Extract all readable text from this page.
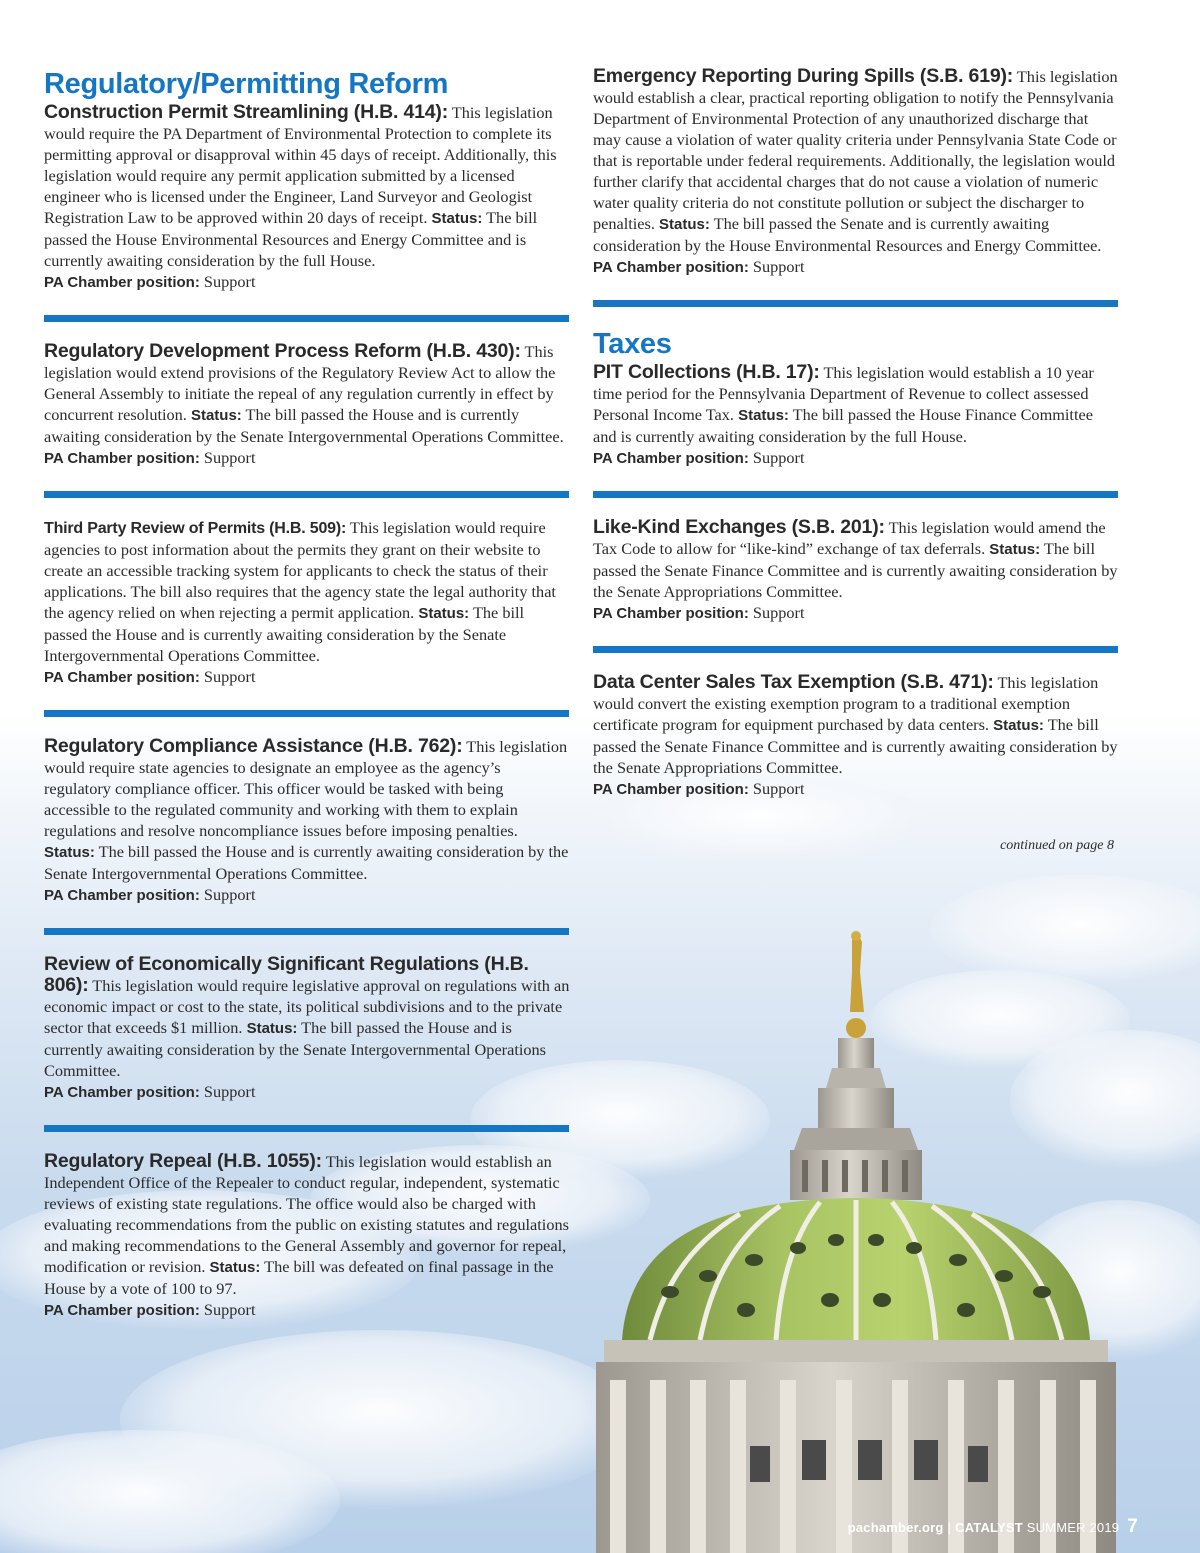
Regulatory/Permitting Reform

Construction Permit Streamlining (H.B. 414): This legislation would require the PA Department of Environmental Protection to complete its permitting approval or disapproval within 45 days of receipt. Additionally, this legislation would require any permit application submitted by a licensed engineer who is licensed under the Engineer, Land Surveyor and Geologist Registration Law to be approved within 20 days of receipt. Status: The bill passed the House Environmental Resources and Energy Committee and is currently awaiting consideration by the full House.

PA Chamber position: Support

Regulatory Development Process Reform (H.B. 430): This legislation would extend provisions of the Regulatory Review Act to allow the General Assembly to initiate the repeal of any regulation currently in effect by concurrent resolution. Status: The bill passed the House and is currently awaiting consideration by the Senate Intergovernmental Operations Committee.

PA Chamber position: Support

Third Party Review of Permits (H.B. 509): This legislation would require agencies to post information about the permits they grant on their website to create an accessible tracking system for applicants to check the status of their applications. The bill also requires that the agency state the legal authority that the agency relied on when rejecting a permit application. Status: The bill passed the House and is currently awaiting consideration by the Senate Intergovernmental Operations Committee.

PA Chamber position: Support

Regulatory Compliance Assistance (H.B. 762): This legislation would require state agencies to designate an employee as the agency’s regulatory compliance officer. This officer would be tasked with being accessible to the regulated community and working with them to explain regulations and resolve noncompliance issues before imposing penalties. Status: The bill passed the House and is currently awaiting consideration by the Senate Intergovernmental Operations Committee.

PA Chamber position: Support

Review of Economically Significant Regulations (H.B. 806): This legislation would require legislative approval on regulations with an economic impact or cost to the state, its political subdivisions and to the private sector that exceeds $1 million. Status: The bill passed the House and is currently awaiting consideration by the Senate Intergovernmental Operations Committee.

PA Chamber position: Support

Regulatory Repeal (H.B. 1055): This legislation would establish an Independent Office of the Repealer to conduct regular, independent, systematic reviews of existing state regulations. The office would also be charged with evaluating recommendations from the public on existing statutes and regulations and making recommendations to the General Assembly and governor for repeal, modification or revision. Status: The bill was defeated on final passage in the House by a vote of 100 to 97.

PA Chamber position: Support

Emergency Reporting During Spills (S.B. 619): This legislation would establish a clear, practical reporting obligation to notify the Pennsylvania Department of Environmental Protection of any unauthorized discharge that may cause a violation of water quality criteria under Pennsylvania State Code or that is reportable under federal requirements. Additionally, the legislation would further clarify that accidental charges that do not cause a violation of numeric water quality criteria do not constitute pollution or subject the discharger to penalties. Status: The bill passed the Senate and is currently awaiting consideration by the House Environmental Resources and Energy Committee.

PA Chamber position: Support

Taxes

PIT Collections (H.B. 17): This legislation would establish a 10 year time period for the Pennsylvania Department of Revenue to collect assessed Personal Income Tax. Status: The bill passed the House Finance Committee and is currently awaiting consideration by the full House.

PA Chamber position: Support

Like-Kind Exchanges (S.B. 201): This legislation would amend the Tax Code to allow for “like-kind” exchange of tax deferrals. Status: The bill passed the Senate Finance Committee and is currently awaiting consideration by the Senate Appropriations Committee.

PA Chamber position: Support

Data Center Sales Tax Exemption (S.B. 471): This legislation would convert the existing exemption program to a traditional exemption certificate program for equipment purchased by data centers. Status: The bill passed the Senate Finance Committee and is currently awaiting consideration by the Senate Appropriations Committee.

PA Chamber position: Support

continued on page 8
pachamber.org | CATALYST SUMMER 2019 7
